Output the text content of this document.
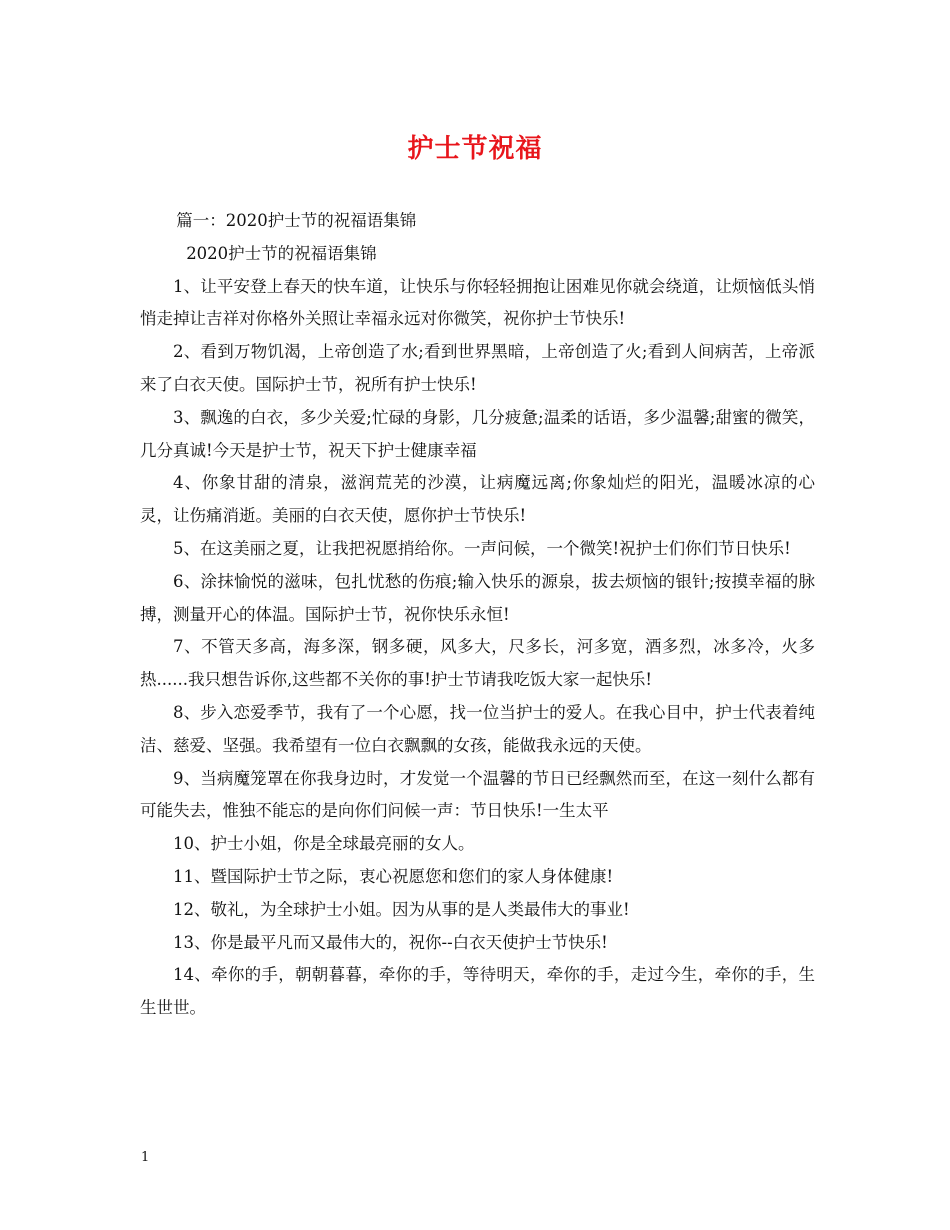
护士节祝福

篇一：2020护士节的祝福语集锦

2020护士节的祝福语集锦

1、让平安登上春天的快车道，让快乐与你轻轻拥抱让困难见你就会绕道，让烦恼低头悄悄走掉让吉祥对你格外关照让幸福永远对你微笑，祝你护士节快乐!

2、看到万物饥渴，上帝创造了水;看到世界黑暗，上帝创造了火;看到人间病苦，上帝派来了白衣天使。国际护士节，祝所有护士快乐!

3、飘逸的白衣，多少关爱;忙碌的身影，几分疲惫;温柔的话语，多少温馨;甜蜜的微笑，几分真诚!今天是护士节，祝天下护士健康幸福

4、你象甘甜的清泉，滋润荒芜的沙漠，让病魔远离;你象灿烂的阳光，温暖冰凉的心灵，让伤痛消逝。美丽的白衣天使，愿你护士节快乐!

5、在这美丽之夏，让我把祝愿捎给你。一声问候，一个微笑!祝护士们你们节日快乐!

6、涂抹愉悦的滋味，包扎忧愁的伤痕;输入快乐的源泉，拔去烦恼的银针;按摸幸福的脉搏，测量开心的体温。国际护士节，祝你快乐永恒!

7、不管天多高，海多深，钢多硬，风多大，尺多长，河多宽，酒多烈，冰多冷，火多热......我只想告诉你,这些都不关你的事!护士节请我吃饭大家一起快乐!

8、步入恋爱季节，我有了一个心愿，找一位当护士的爱人。在我心目中，护士代表着纯洁、慈爱、坚强。我希望有一位白衣飘飘的女孩，能做我永远的天使。

9、当病魔笼罩在你我身边时，才发觉一个温馨的节日已经飘然而至，在这一刻什么都有可能失去，惟独不能忘的是向你们问候一声：节日快乐!一生太平

10、护士小姐，你是全球最亮丽的女人。

11、暨国际护士节之际，衷心祝愿您和您们的家人身体健康!

12、敬礼，为全球护士小姐。因为从事的是人类最伟大的事业!

13、你是最平凡而又最伟大的，祝你--白衣天使护士节快乐!

14、牵你的手，朝朝暮暮，牵你的手，等待明天，牵你的手，走过今生，牵你的手，生生世世。

1
